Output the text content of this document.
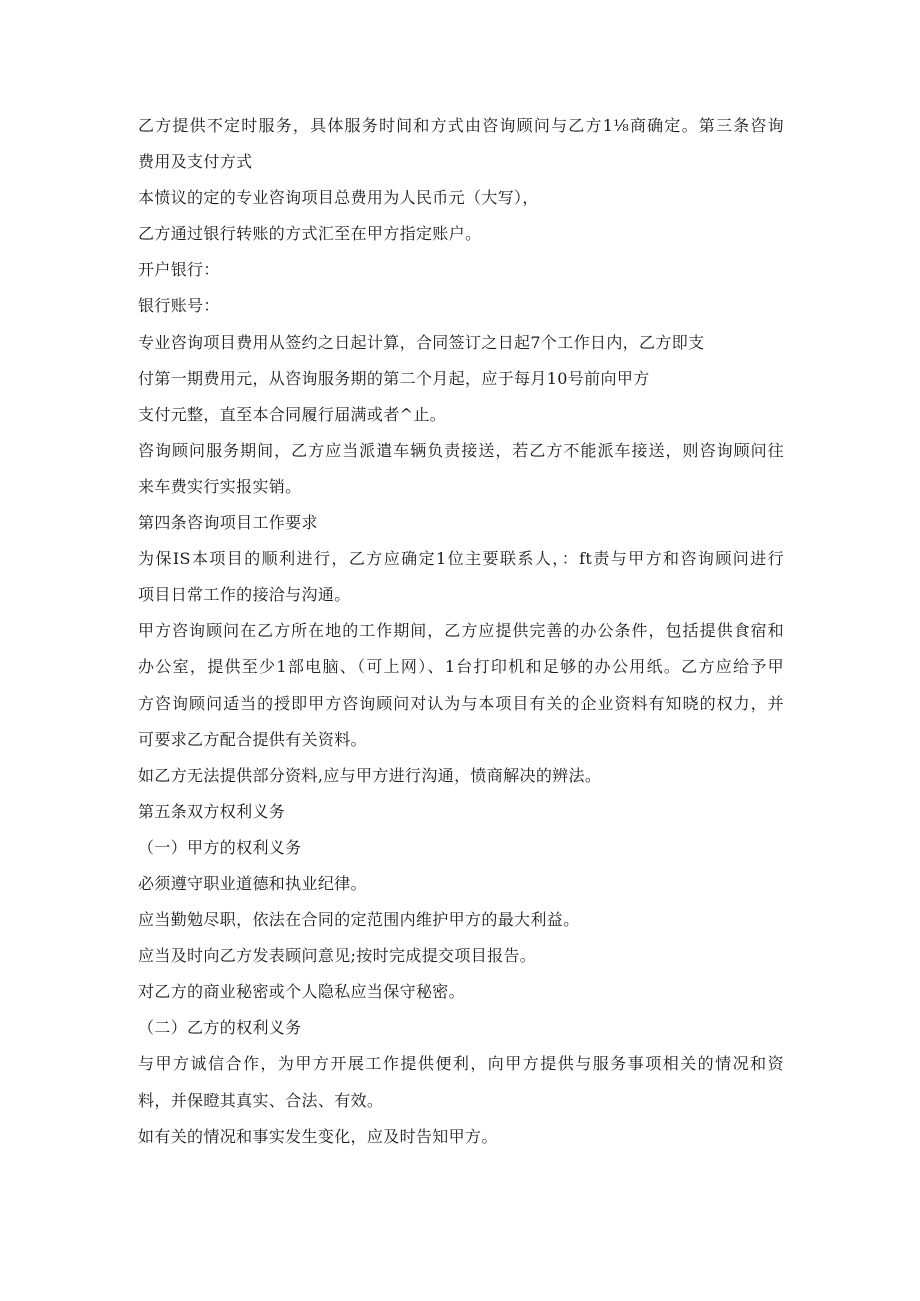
乙方提供不定时服务，具体服务时间和方式由咨询顾问与乙方1⅛商确定。第三条咨询
费用及支付方式
本愤议的定的专业咨询项目总费用为人民币元（大写），
乙方通过银行转账的方式汇至在甲方指定账户。
开户银行：
银行账号：
专业咨询项目费用从签约之日起计算，合同签订之日起7个工作日内，乙方即支
付第一期费用元，从咨询服务期的第二个月起，应于每月10号前向甲方
支付元整，直至本合同履行届满或者^止。
咨询顾问服务期间，乙方应当派遣车辆负责接送，若乙方不能派车接送，则咨询顾问往
来车费实行实报实销。
第四条咨询项目工作要求
为保IS本项目的顺利进行，乙方应确定1位主要联系人，：ft责与甲方和咨询顾问进行
项目日常工作的接洽与沟通。
甲方咨询顾问在乙方所在地的工作期间，乙方应提供完善的办公条件，包括提供食宿和
办公室，提供至少1部电脑、（可上网）、1台打印机和足够的办公用纸。乙方应给予甲
方咨询顾问适当的授即甲方咨询顾问对认为与本项目有关的企业资料有知晓的权力，并
可要求乙方配合提供有关资料。
如乙方无法提供部分资料,应与甲方进行沟通，愤商解决的辨法。
第五条双方权利义务
（一）甲方的权利义务
必须遵守职业道德和执业纪律。
应当勤勉尽职，依法在合同的定范围内维护甲方的最大利益。
应当及时向乙方发表顾问意见;按时完成提交项目报告。
对乙方的商业秘密或个人隐私应当保守秘密。
（二）乙方的权利义务
与甲方诚信合作，为甲方开展工作提供便利，向甲方提供与服务事项相关的情况和资
料，并保瞪其真实、合法、有效。
如有关的情况和事实发生变化，应及时告知甲方。
